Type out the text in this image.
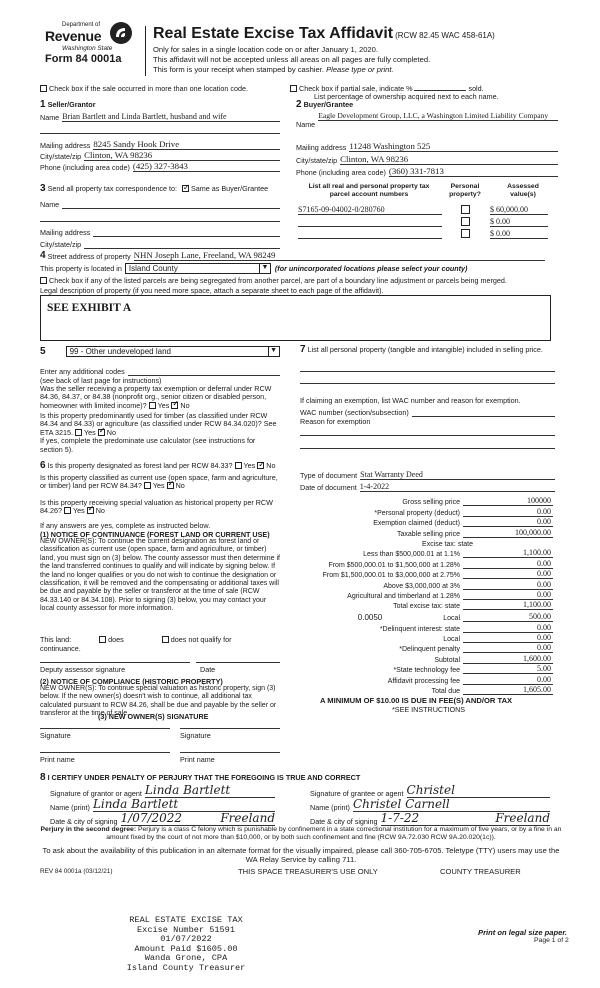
Department of
Revenue
Washington State
Form 84 0001a
Real Estate Excise Tax Affidavit (RCW 82.45 WAC 458-61A)
Only for sales in a single location code on or after January 1, 2020.
This affidavit will not be accepted unless all areas on all pages are fully completed.
This form is your receipt when stamped by cashier. Please type or print.
Check box if the sale occurred in more than one location code.	Check box if partial sale, indicate %	sold.
List percentage of ownership acquired next to each name.
1 Seller/Grantor
Name Brian Bartlett and Linda Bartlett, husband and wife
Mailing address 8245 Sandy Hook Drive
City/state/zip Clinton, WA 98236
Phone (including area code) (425) 327-3843
2 Buyer/Grantee
Name
Eagle Development Group, LLC, a Washington Limited Liability Company
Mailing address 11248 Washington 525
City/state/zip Clinton, WA 98236
Phone (including area code) (360) 331-7813
3 Send all property tax correspondence to: ✓ Same as Buyer/Grantee
Name
Mailing address
City/state/zip
List all real and personal property tax parcel account numbers
Personal property?
Assessed value(s)
S7165-09-04002-0/280760	$ 60,000.00
$ 0.00
$ 0.00
4 Street address of property NHN Joseph Lane, Freeland, WA 98249
This property is located in Island County	▼ (for unincorporated locations please select your county)
Check box if any of the listed parcels are being segregated from another parcel, are part of a boundary line adjustment or parcels being merged.
Legal description of property (if you need more space, attach a separate sheet to each page of the affidavit).
SEE EXHIBIT A
5	99 - Other undeveloped land	▼
Enter any additional codes
(see back of last page for instructions)
Was the seller receiving a property tax exemption or deferral under RCW 84.36, 84.37, or 84.38 (nonprofit org., senior citizen or disabled person, homeowner with limited income)? Yes ✓ No
Is this property predominantly used for timber (as classified under RCW 84.34 and 84.33) or agriculture (as classified under RCW 84.34.020)? See ETA 3215. Yes ✓ No
If yes, complete the predominate use calculator (see instructions for section 5).
6 Is this property designated as forest land per RCW 84.33? Yes ✓ No
Is this property classified as current use (open space, farm and agriculture, or timber) land per RCW 84.34? Yes ✓ No
Is this property receiving special valuation as historical property per RCW 84.26? Yes ✓ No
If any answers are yes, complete as instructed below.
(1) NOTICE OF CONTINUANCE (FOREST LAND OR CURRENT USE)
NEW OWNER(S): To continue the current designation as forest land or classification as current use (open space, farm and agriculture, or timber) land, you must sign on (3) below. The county assessor must then determine if the land transferred continues to qualify and will indicate by signing below. If the land no longer qualifies or you do not wish to continue the designation or classification, it will be removed and the compensating or additional taxes will be due and payable by the seller or transferor at the time of sale (RCW 84.33.140 or 84.34.108). Prior to signing (3) below, you may contact your local county assessor for more information.
This land:	does	does not qualify for
continuance.
Deputy assessor signature	Date
(2) NOTICE OF COMPLIANCE (HISTORIC PROPERTY)
NEW OWNER(S): To continue special valuation as historic property, sign (3) below. If the new owner(s) doesn't wish to continue, all additional tax calculated pursuant to RCW 84.26, shall be due and payable by the seller or transferor at the time of sale.
(3) NEW OWNER(S) SIGNATURE
Signature	Signature
Print name	Print name
7 List all personal property (tangible and intangible) included in selling price.
If claiming an exemption, list WAC number and reason for exemption.
WAC number (section/subsection)
Reason for exemption
Type of document Stat Warranty Deed
Date of document 1-4-2022
Gross selling price	100000
*Personal property (deduct)	0.00
Exemption claimed (deduct)	0.00
Taxable selling price	100,000.00
Excise tax: state
Less than $500,000.01 at 1.1%	1,100.00
From $500,000.01 to $1,500,000 at 1.28%	0.00
From $1,500,000.01 to $3,000,000 at 2.75%	0.00
Above $3,000,000 at 3%	0.00
Agricultural and timberland at 1.28%	0.00
Total excise tax: state	1,100.00
0.0050	Local	500.00
*Delinquent interest: state	0.00
Local	0.00
*Delinquent penalty	0.00
Subtotal	1,600.00
*State technology fee	5.00
Affidavit processing fee	0.00
Total due	1,605.00
A MINIMUM OF $10.00 IS DUE IN FEE(S) AND/OR TAX
*SEE INSTRUCTIONS
8 I CERTIFY UNDER PENALTY OF PERJURY THAT THE FOREGOING IS TRUE AND CORRECT
Signature of grantor or agent Linda Bartlett
Name (print) Linda Bartlett
Date & city of signing 1/07/2022	Freeland
Signature of grantee or agent Christel
Name (print) Christel Carnell
Date & city of signing 1-7-22	Freeland
Perjury in the second degree: Perjury is a class C felony which is punishable by confinement in a state correctional institution for a maximum of five years, or by a fine in an amount fixed by the court of not more than $10,000, or by both such confinement and fine (RCW 9A.72.030 RCW 9A.20.020(1c)).
To ask about the availability of this publication in an alternate format for the visually impaired, please call 360-705-6705. Teletype (TTY) users may use the WA Relay Service by calling 711.
REV 84 0001a (03/12/21)	THIS SPACE TREASURER'S USE ONLY	COUNTY TREASURER
REAL ESTATE EXCISE TAX
Excise Number 51591
01/07/2022
Amount Paid $1605.00
Wanda Grone, CPA
Island County Treasurer
Print on legal size paper.
Page 1 of 2
